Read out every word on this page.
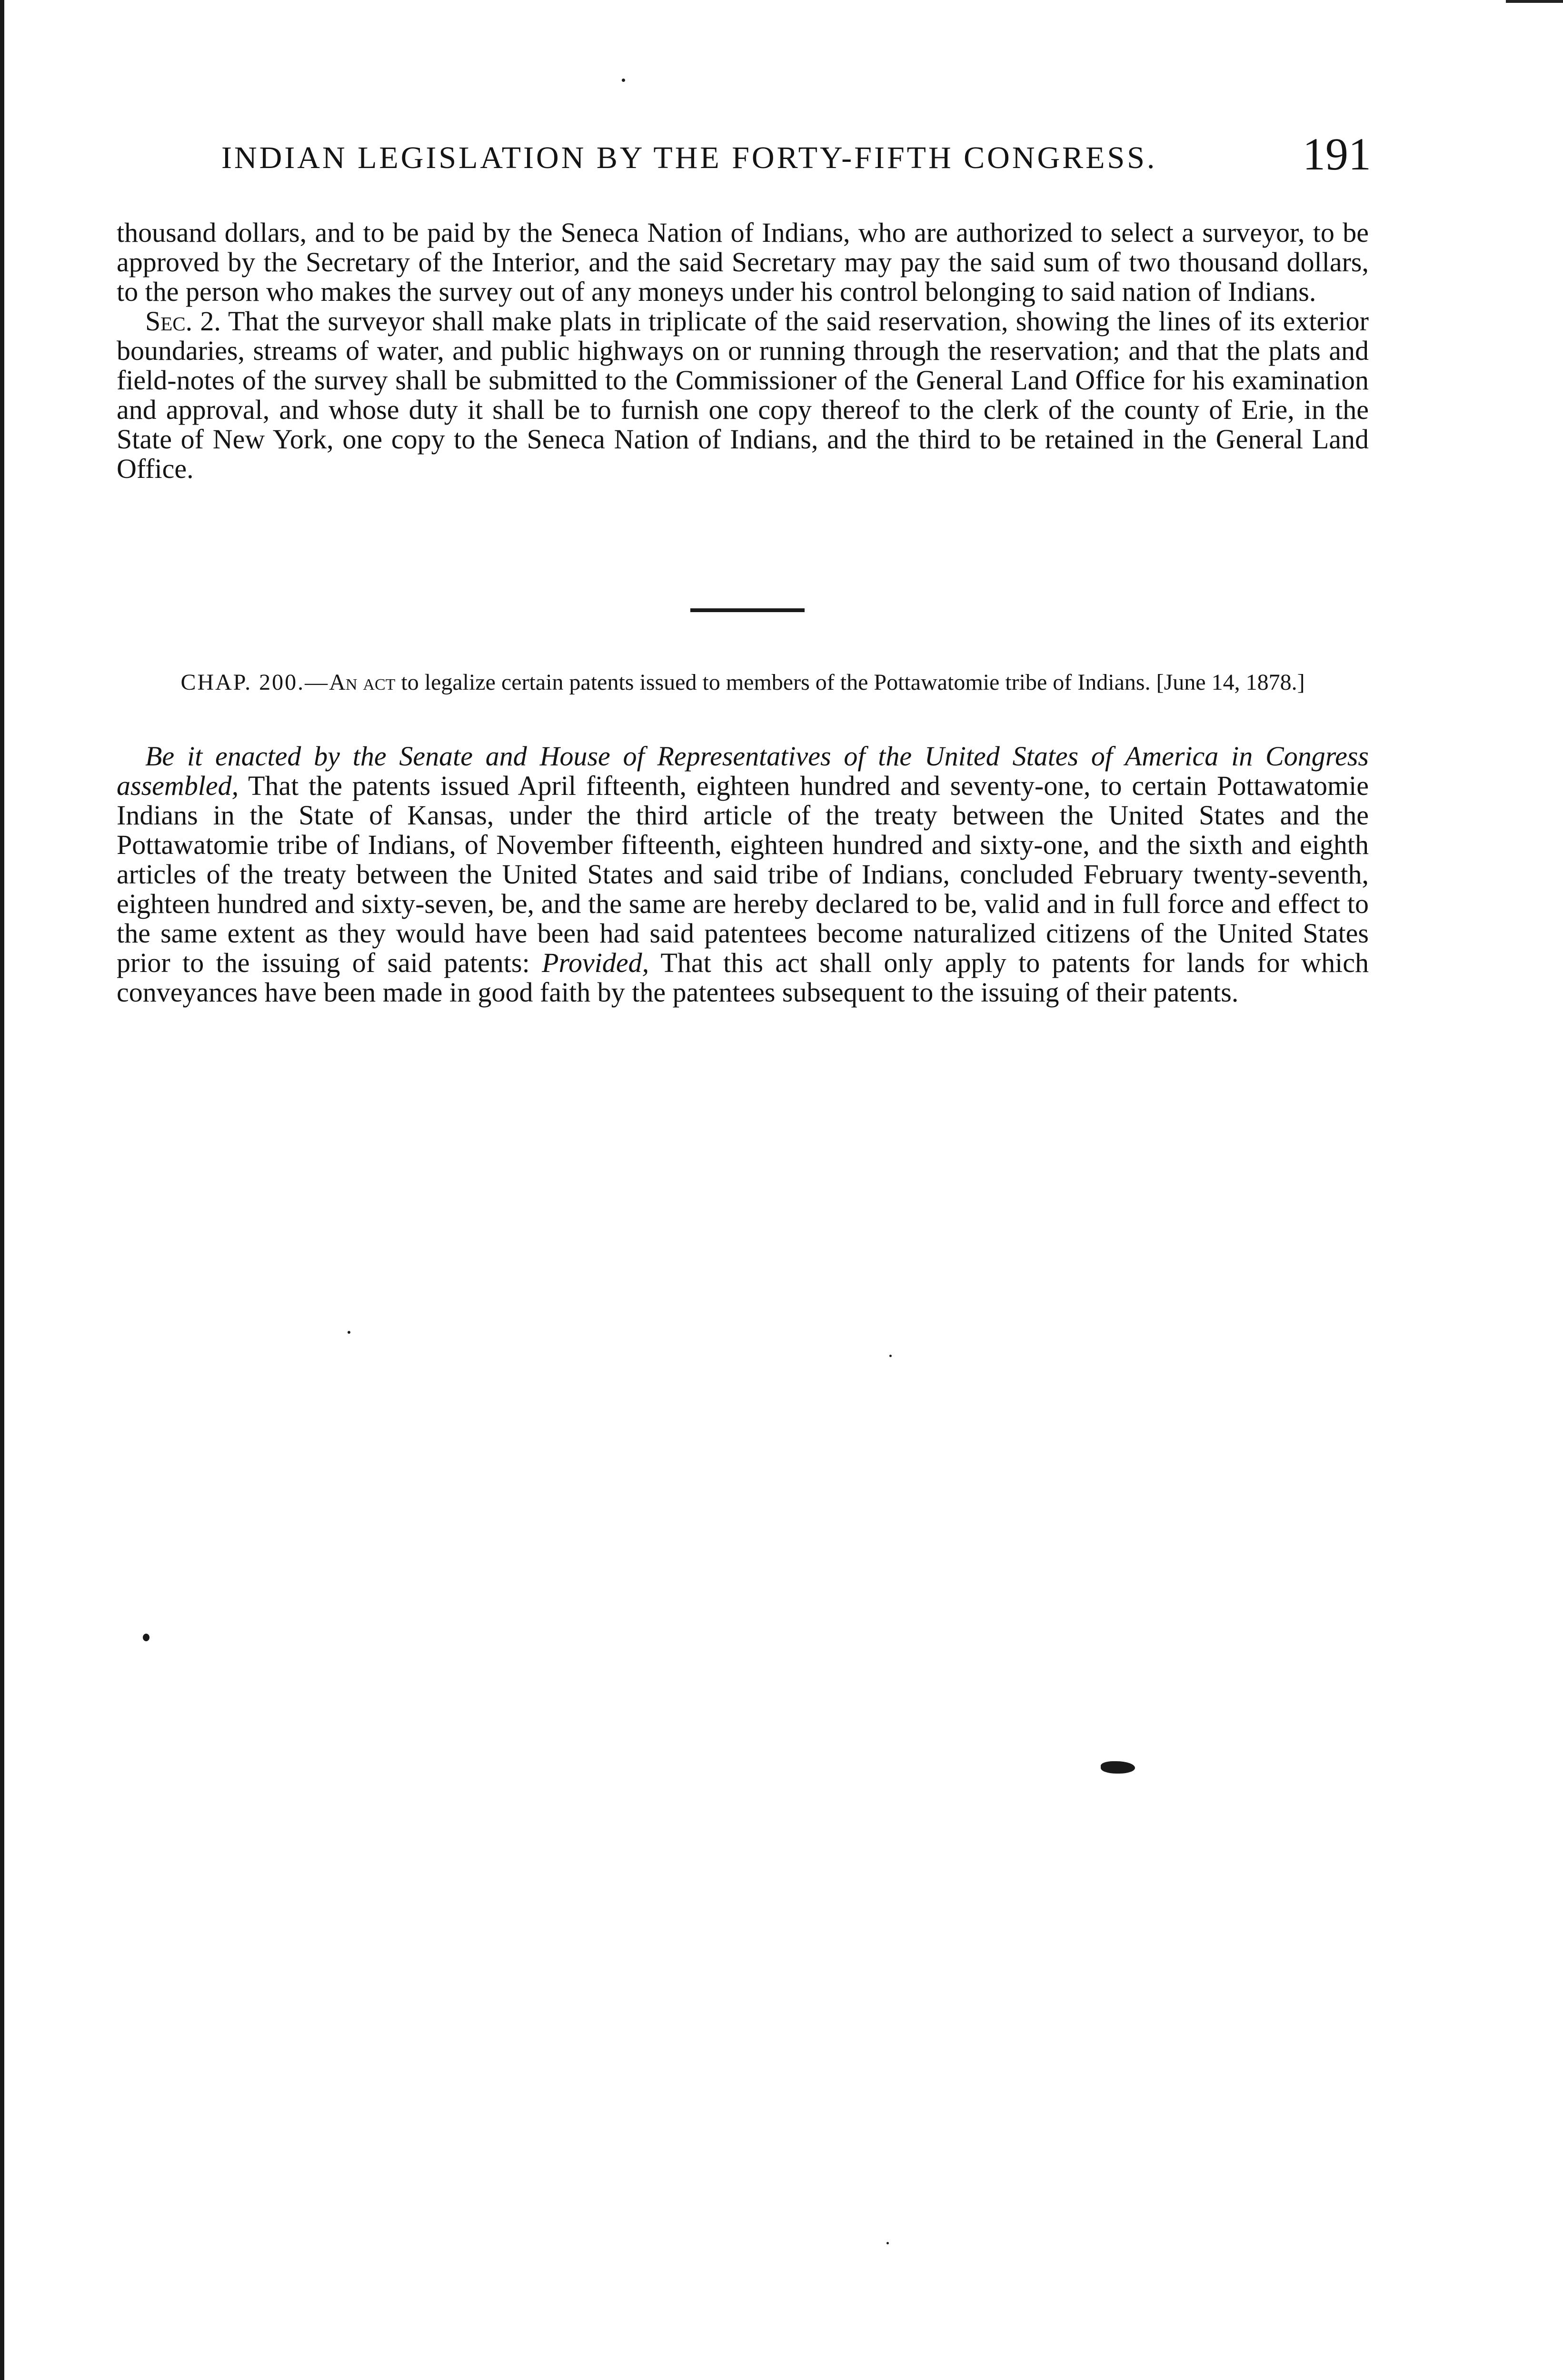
INDIAN LEGISLATION BY THE FORTY-FIFTH CONGRESS.	191

thousand dollars, and to be paid by the Seneca Nation of Indians, who are authorized to select a surveyor, to be approved by the Secretary of the Interior, and the said Secretary may pay the said sum of two thousand dollars, to the person who makes the survey out of any moneys under his control belonging to said nation of Indians.

Sec. 2. That the surveyor shall make plats in triplicate of the said reservation, showing the lines of its exterior boundaries, streams of water, and public highways on or running through the reservation; and that the plats and field-notes of the survey shall be submitted to the Commissioner of the General Land Office for his examination and approval, and whose duty it shall be to furnish one copy thereof to the clerk of the county of Erie, in the State of New York, one copy to the Seneca Nation of Indians, and the third to be retained in the General Land Office.

CHAP. 200.—An act to legalize certain patents issued to members of the Pottawatomie tribe of Indians. [June 14, 1878.]

Be it enacted by the Senate and House of Representatives of the United States of America in Congress assembled, That the patents issued April fifteenth, eighteen hundred and seventy-one, to certain Pottawatomie Indians in the State of Kansas, under the third article of the treaty between the United States and the Pottawatomie tribe of Indians, of November fifteenth, eighteen hundred and sixty-one, and the sixth and eighth articles of the treaty between the United States and said tribe of Indians, concluded February twenty-seventh, eighteen hundred and sixty-seven, be, and the same are hereby declared to be, valid and in full force and effect to the same extent as they would have been had said patentees become naturalized citizens of the United States prior to the issuing of said patents: Provided, That this act shall only apply to patents for lands for which conveyances have been made in good faith by the patentees subsequent to the issuing of their patents.
